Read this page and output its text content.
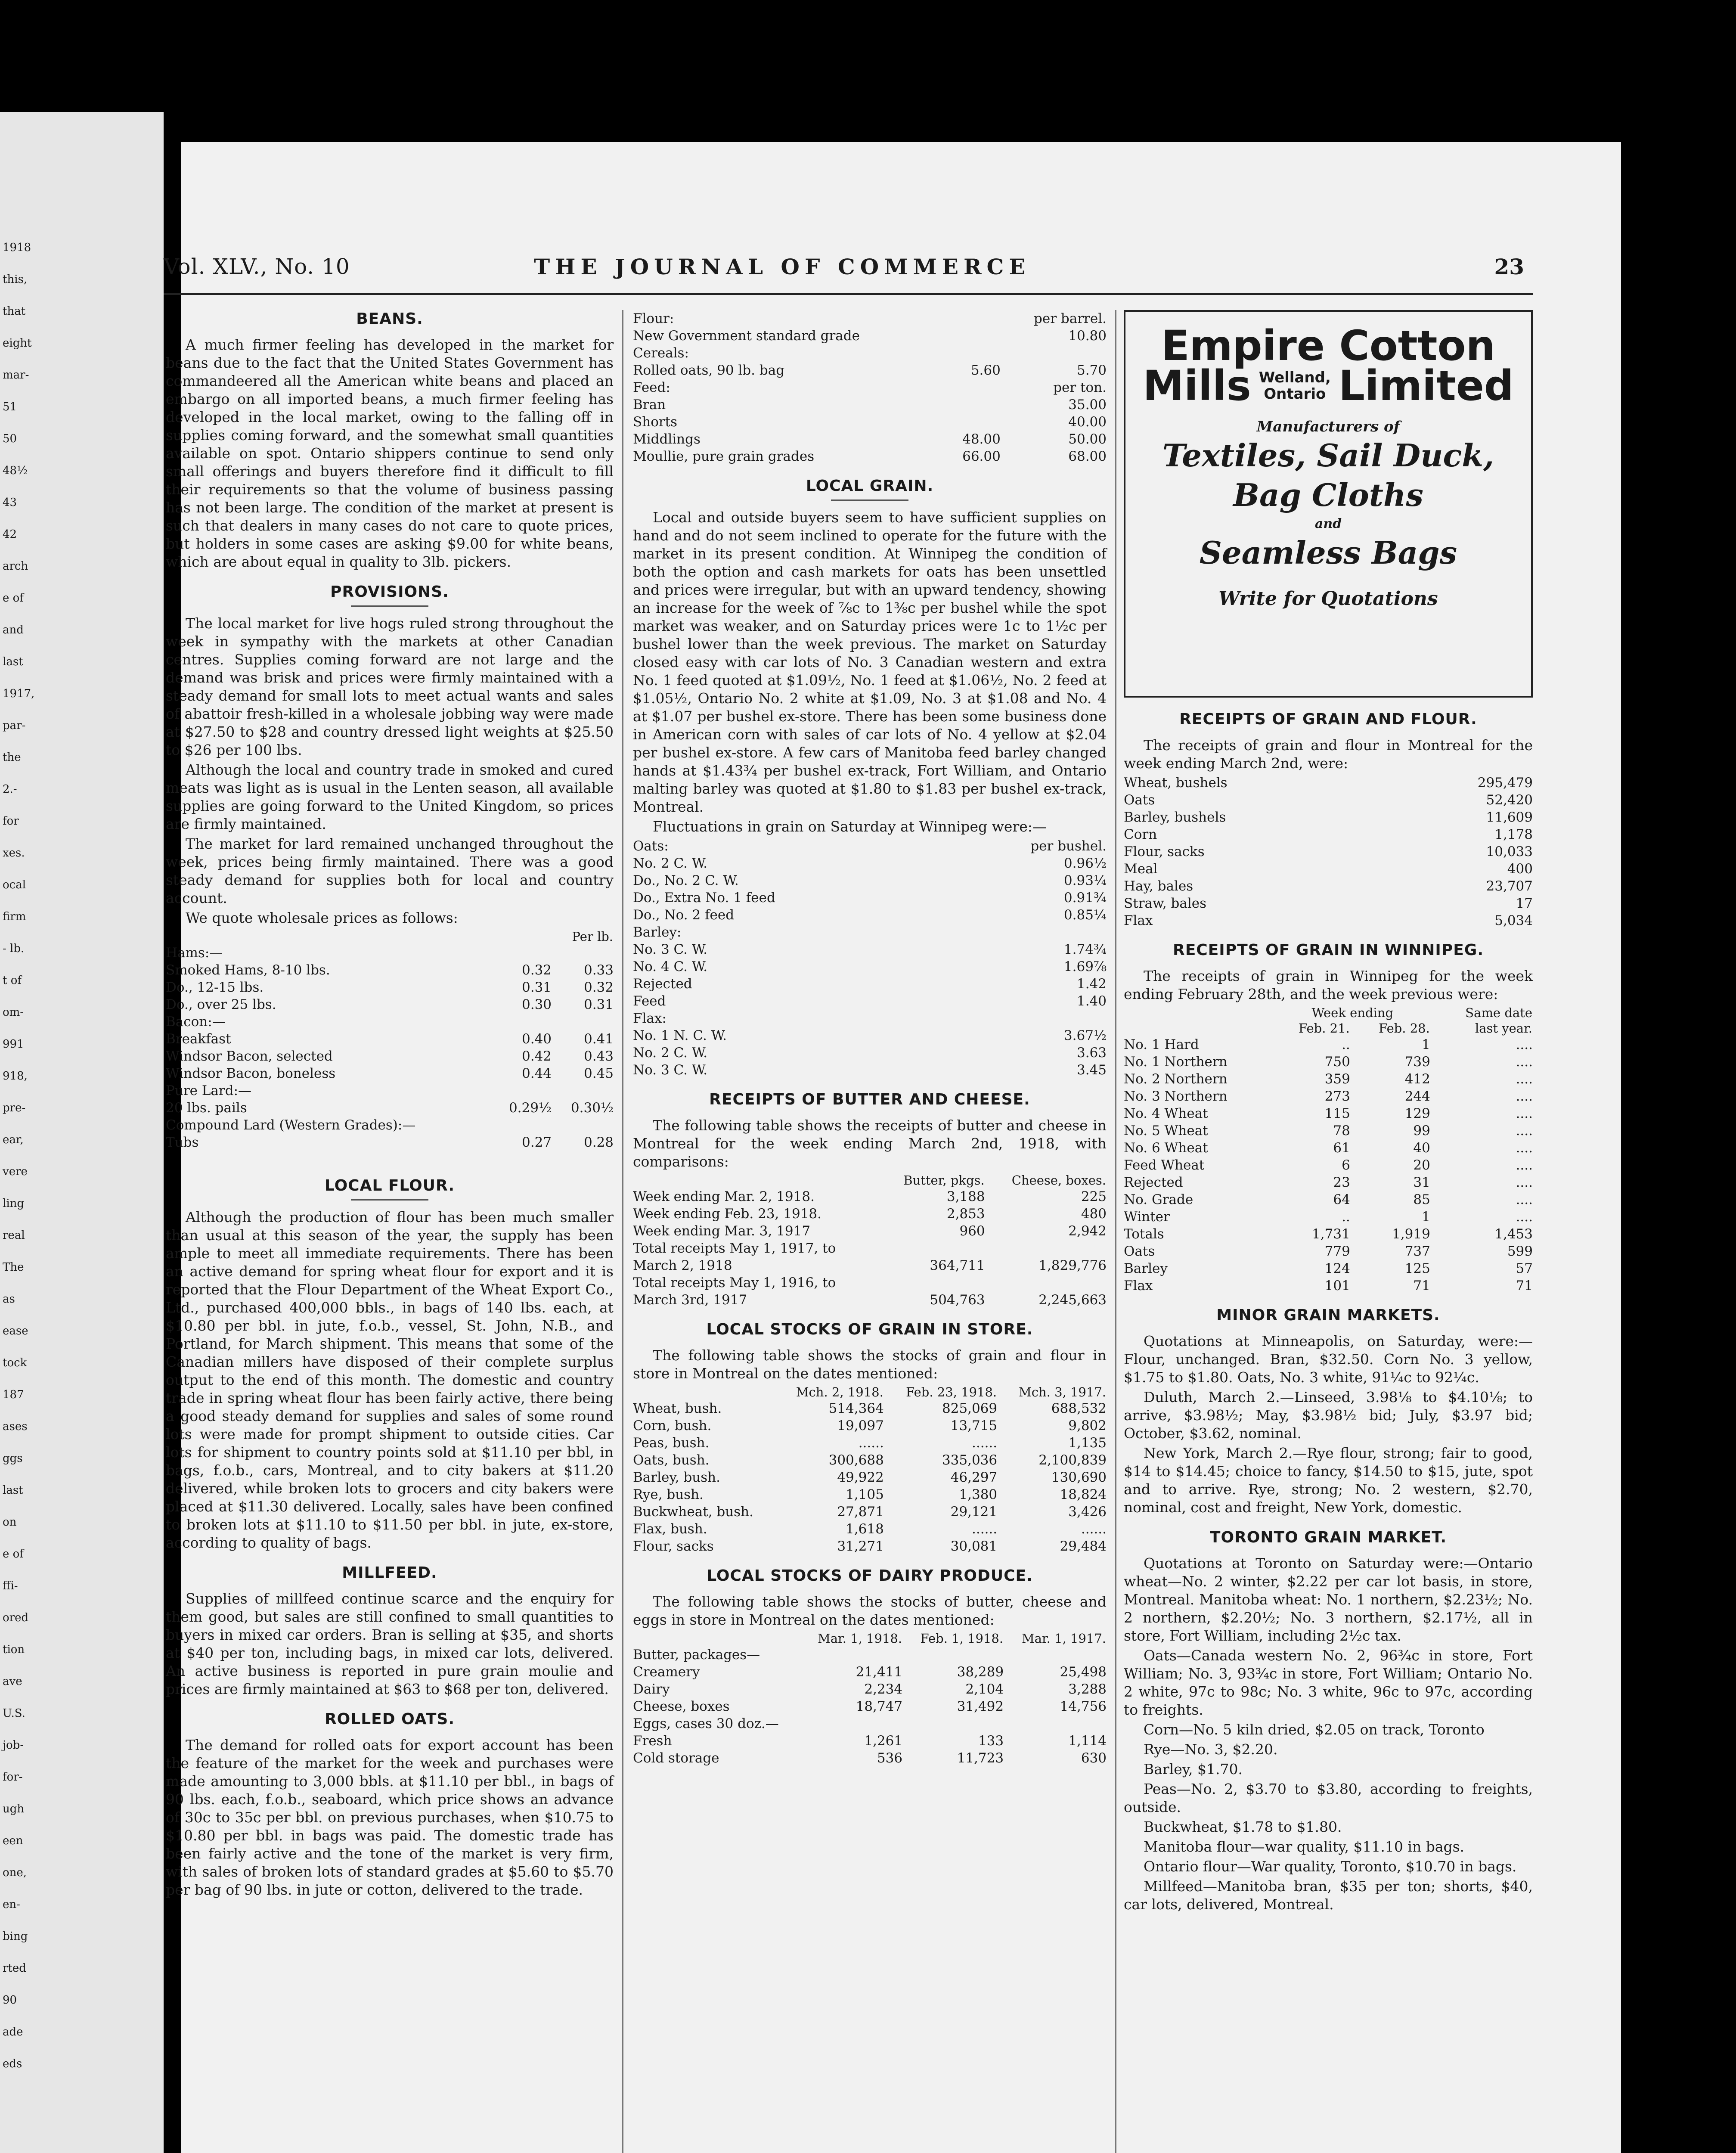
1918
this,
that
eight
mar-
51
50
48½
43
42
arch
e of
and
last
1917,
par-
the
2.-
for
xes.
ocal
firm
- lb.
t of
om-
991
918,
pre-
ear,
vere
ling
real
The
as
ease
tock
187
ases
ggs
last
on
e of
ffi-
ored
tion
ave
U.S.
job-
for-
ugh
een
one,
en-
bing
rted
90
ade
eds
Vol. XLV., No. 10	THE JOURNAL OF COMMERCE	23
BEANS.

A much firmer feeling has developed in the market for beans due to the fact that the United States Government has commandeered all the American white beans and placed an embargo on all imported beans, a much firmer feeling has developed in the local market, owing to the falling off in supplies coming forward, and the somewhat small quantities available on spot. Ontario shippers continue to send only small offerings and buyers therefore find it difficult to fill their requirements so that the volume of business passing has not been large. The condition of the market at present is such that dealers in many cases do not care to quote prices, but holders in some cases are asking $9.00 for white beans, which are about equal in quality to 3lb. pickers.

PROVISIONS.

The local market for live hogs ruled strong throughout the week in sympathy with the markets at other Canadian centres. Supplies coming forward are not large and the demand was brisk and prices were firmly maintained with a steady demand for small lots to meet actual wants and sales of abattoir fresh-killed in a wholesale jobbing way were made at $27.50 to $28 and country dressed light weights at $25.50 to $26 per 100 lbs.

Although the local and country trade in smoked and cured meats was light as is usual in the Lenten season, all available supplies are going forward to the United Kingdom, so prices are firmly maintained.

The market for lard remained unchanged throughout the week, prices being firmly maintained. There was a good steady demand for supplies both for local and country account.

We quote wholesale prices as follows:

		Per lb.
Hams:—		
Smoked Hams, 8-10 lbs.	0.32	0.33
Do., 12-15 lbs.	0.31	0.32
Do., over 25 lbs.	0.30	0.31
Bacon:—		
Breakfast	0.40	0.41
Windsor Bacon, selected	0.42	0.43
Windsor Bacon, boneless	0.44	0.45
Pure Lard:—		
20 lbs. pails	0.29½	0.30½
Compound Lard (Western Grades):—		
Tubs	0.27	0.28
LOCAL FLOUR.

Although the production of flour has been much smaller than usual at this season of the year, the supply has been ample to meet all immediate requirements. There has been an active demand for spring wheat flour for export and it is reported that the Flour Department of the Wheat Export Co., Ltd., purchased 400,000 bbls., in bags of 140 lbs. each, at $10.80 per bbl. in jute, f.o.b., vessel, St. John, N.B., and Portland, for March shipment. This means that some of the Canadian millers have disposed of their complete surplus output to the end of this month. The domestic and country trade in spring wheat flour has been fairly active, there being a good steady demand for supplies and sales of some round lots were made for prompt shipment to outside cities. Car lots for shipment to country points sold at $11.10 per bbl, in bags, f.o.b., cars, Montreal, and to city bakers at $11.20 delivered, while broken lots to grocers and city bakers were placed at $11.30 delivered. Locally, sales have been confined to broken lots at $11.10 to $11.50 per bbl. in jute, ex-store, according to quality of bags.

MILLFEED.

Supplies of millfeed continue scarce and the enquiry for them good, but sales are still confined to small quantities to buyers in mixed car orders. Bran is selling at $35, and shorts at $40 per ton, including bags, in mixed car lots, delivered. An active business is reported in pure grain moulie and prices are firmly maintained at $63 to $68 per ton, delivered.

ROLLED OATS.

The demand for rolled oats for export account has been the feature of the market for the week and purchases were made amounting to 3,000 bbls. at $11.10 per bbl., in bags of 90 lbs. each, f.o.b., seaboard, which price shows an advance of 30c to 35c per bbl. on previous purchases, when $10.75 to $10.80 per bbl. in bags was paid. The domestic trade has been fairly active and the tone of the market is very firm, with sales of broken lots of standard grades at $5.60 to $5.70 per bag of 90 lbs. in jute or cotton, delivered to the trade.

Flour:		per barrel.
New Government standard grade		10.80
Cereals:		
Rolled oats, 90 lb. bag	5.60	5.70
Feed:		per ton.
Bran		35.00
Shorts		40.00
Middlings	48.00	50.00
Moullie, pure grain grades	66.00	68.00
LOCAL GRAIN.

Local and outside buyers seem to have sufficient supplies on hand and do not seem inclined to operate for the future with the market in its present condition. At Winnipeg the condition of both the option and cash markets for oats has been unsettled and prices were irregular, but with an upward tendency, showing an increase for the week of ⅞c to 1⅜c per bushel while the spot market was weaker, and on Saturday prices were 1c to 1½c per bushel lower than the week previous. The market on Saturday closed easy with car lots of No. 3 Canadian western and extra No. 1 feed quoted at $1.09½, No. 1 feed at $1.06½, No. 2 feed at $1.05½, Ontario No. 2 white at $1.09, No. 3 at $1.08 and No. 4 at $1.07 per bushel ex-store. There has been some business done in American corn with sales of car lots of No. 4 yellow at $2.04 per bushel ex-store. A few cars of Manitoba feed barley changed hands at $1.43¾ per bushel ex-track, Fort William, and Ontario malting barley was quoted at $1.80 to $1.83 per bushel ex-track, Montreal.

Fluctuations in grain on Saturday at Winnipeg were:—

Oats:	per bushel.
No. 2 C. W.	0.96½
Do., No. 2 C. W.	0.93¼
Do., Extra No. 1 feed	0.91¾
Do., No. 2 feed	0.85¼
Barley:	
No. 3 C. W.	1.74¾
No. 4 C. W.	1.69⅞
Rejected	1.42
Feed	1.40
Flax:	
No. 1 N. C. W.	3.67½
No. 2 C. W.	3.63
No. 3 C. W.	3.45
RECEIPTS OF BUTTER AND CHEESE.

The following table shows the receipts of butter and cheese in Montreal for the week ending March 2nd, 1918, with comparisons:

	Butter, pkgs.	Cheese, boxes.
Week ending Mar. 2, 1918.	3,188	225
Week ending Feb. 23, 1918.	2,853	480
Week ending Mar. 3, 1917	960	2,942
Total receipts May 1, 1917, to		
March 2, 1918	364,711	1,829,776
Total receipts May 1, 1916, to		
March 3rd, 1917	504,763	2,245,663
LOCAL STOCKS OF GRAIN IN STORE.

The following table shows the stocks of grain and flour in store in Montreal on the dates mentioned:

	Mch. 2, 1918.	Feb. 23, 1918.	Mch. 3, 1917.
Wheat, bush.	514,364	825,069	688,532
Corn, bush.	19,097	13,715	9,802
Peas, bush.	......	......	1,135
Oats, bush.	300,688	335,036	2,100,839
Barley, bush.	49,922	46,297	130,690
Rye, bush.	1,105	1,380	18,824
Buckwheat, bush.	27,871	29,121	3,426
Flax, bush.	1,618	......	......
Flour, sacks	31,271	30,081	29,484
LOCAL STOCKS OF DAIRY PRODUCE.

The following table shows the stocks of butter, cheese and eggs in store in Montreal on the dates mentioned:

	Mar. 1, 1918.	Feb. 1, 1918.	Mar. 1, 1917.
Butter, packages—			
Creamery	21,411	38,289	25,498
Dairy	2,234	2,104	3,288
Cheese, boxes	18,747	31,492	14,756
Eggs, cases 30 doz.—			
Fresh	1,261	133	1,114
Cold storage	536	11,723	630
Empire Cotton
Mills Welland,
Ontario Limited
Manufacturers of
Textiles, Sail Duck,
Bag Cloths
and
Seamless Bags
Write for Quotations
RECEIPTS OF GRAIN AND FLOUR.

The receipts of grain and flour in Montreal for the week ending March 2nd, were:

Wheat, bushels	295,479
Oats	52,420
Barley, bushels	11,609
Corn	1,178
Flour, sacks	10,033
Meal	400
Hay, bales	23,707
Straw, bales	17
Flax	5,034
RECEIPTS OF GRAIN IN WINNIPEG.

The receipts of grain in Winnipeg for the week ending February 28th, and the week previous were:

	Week ending		Same date
	Feb. 21.	Feb. 28.	last year.
No. 1 Hard	..	1	....
No. 1 Northern	750	739	....
No. 2 Northern	359	412	....
No. 3 Northern	273	244	....
No. 4 Wheat	115	129	....
No. 5 Wheat	78	99	....
No. 6 Wheat	61	40	....
Feed Wheat	6	20	....
Rejected	23	31	....
No. Grade	64	85	....
Winter	..	1	....
Totals	1,731	1,919	1,453
Oats	779	737	599
Barley	124	125	57
Flax	101	71	71
MINOR GRAIN MARKETS.

Quotations at Minneapolis, on Saturday, were:—Flour, unchanged. Bran, $32.50. Corn No. 3 yellow, $1.75 to $1.80. Oats, No. 3 white, 91¼c to 92¼c.

Duluth, March 2.—Linseed, 3.98⅛ to $4.10⅛; to arrive, $3.98½; May, $3.98½ bid; July, $3.97 bid; October, $3.62, nominal.

New York, March 2.—Rye flour, strong; fair to good, $14 to $14.45; choice to fancy, $14.50 to $15, jute, spot and to arrive. Rye, strong; No. 2 western, $2.70, nominal, cost and freight, New York, domestic.

TORONTO GRAIN MARKET.

Quotations at Toronto on Saturday were:—Ontario wheat—No. 2 winter, $2.22 per car lot basis, in store, Montreal. Manitoba wheat: No. 1 northern, $2.23½; No. 2 northern, $2.20½; No. 3 northern, $2.17½, all in store, Fort William, including 2½c tax.

Oats—Canada western No. 2, 96¾c in store, Fort William; No. 3, 93¾c in store, Fort William; Ontario No. 2 white, 97c to 98c; No. 3 white, 96c to 97c, according to freights.

Corn—No. 5 kiln dried, $2.05 on track, Toronto

Rye—No. 3, $2.20.

Barley, $1.70.

Peas—No. 2, $3.70 to $3.80, according to freights, outside.

Buckwheat, $1.78 to $1.80.

Manitoba flour—war quality, $11.10 in bags.

Ontario flour—War quality, Toronto, $10.70 in bags.

Millfeed—Manitoba bran, $35 per ton; shorts, $40, car lots, delivered, Montreal.
